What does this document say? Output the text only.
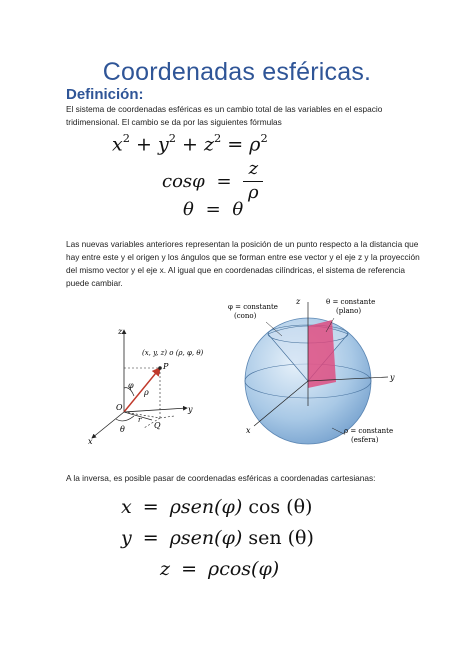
Coordenadas esféricas.
Definición:
El sistema de coordenadas esféricas es un cambio total de las variables en el espacio tridimensional. El cambio se da por las siguientes fórmulas
$x^2 + y^2 + z^2 = \rho^2$
$\cos\varphi = \frac{z}{\rho}$
θ = θ
Las nuevas variables anteriores representan la posición de un punto respecto a la distancia que hay entre este y el origen y los ángulos que se forman entre ese vector y el eje z y la proyección del mismo vector y el eje x. Al igual que en coordenadas cilíndricas, el sistema de referencia puede cambiar.
z
y
x
(x, y, z) o (ρ, φ, θ)
P
O
Q
ρ
φ
θ
r
φ = constante
(cono)
θ = constante
(plano)
ρ = constante
(esfera)
z
y
x
A la inversa, es posible pasar de coordenadas esféricas a coordenadas cartesianas:
x = ρsen(φ) cos (θ)
y = ρsen(φ) sen (θ)
z = ρcos(φ)
